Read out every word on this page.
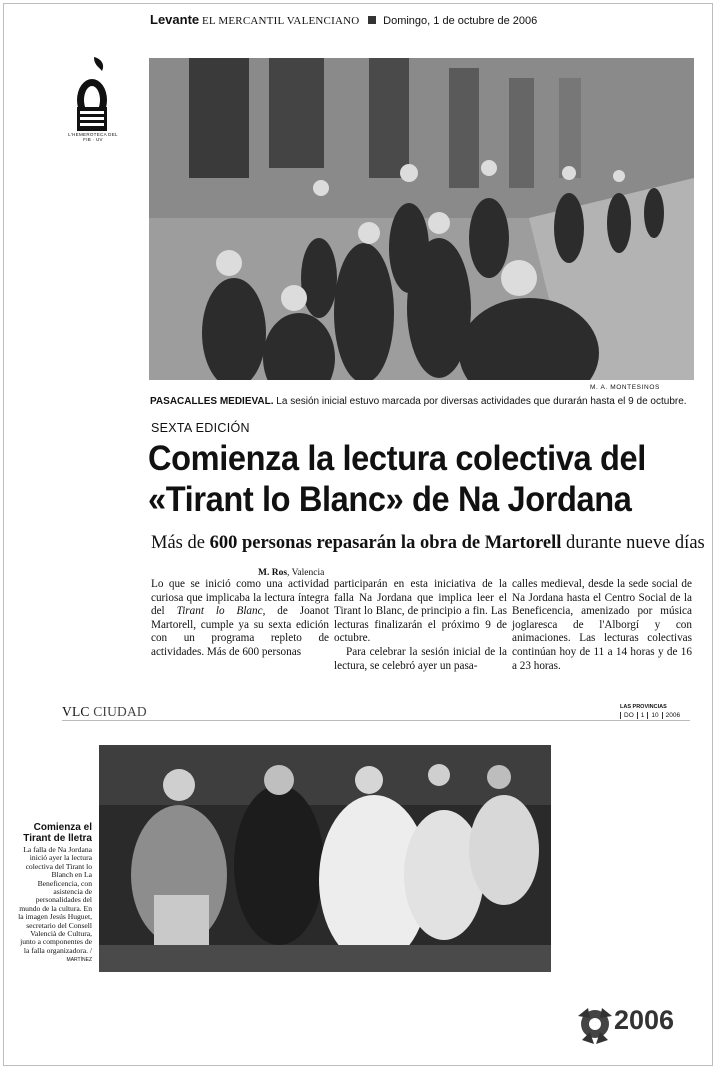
Levante EL MERCANTIL VALENCIANO Domingo, 1 de octubre de 2006
L'HEMEROTECA DEL FIB · UV
M. A. MONTESINOS
PASACALLES MEDIEVAL. La sesión inicial estuvo marcada por diversas actividades que durarán hasta el 9 de octubre.
SEXTA EDICIÓN
Comienza la lectura colectiva del
«Tirant lo Blanc» de Na Jordana
Más de 600 personas repasarán la obra de Martorell durante nueve días
M. Ros, Valencia

Lo que se inició como una actividad curiosa que implicaba la lectura íntegra del Tirant lo Blanc, de Joanot Martorell, cumple ya su sexta edición con un programa repleto de actividades. Más de 600 personas

participarán en esta iniciativa de la falla Na Jordana que implica leer el Tirant lo Blanc, de principio a fin. Las lecturas finalizarán el próximo 9 de octubre.

Para celebrar la sesión inicial de la lectura, se celebró ayer un pasa-

calles medieval, desde la sede social de Na Jordana hasta el Centro Social de la Beneficencia, amenizado por música joglaresca de l'Alborgí y con animaciones. Las lecturas colectivas continúan hoy de 11 a 14 horas y de 16 a 23 horas.

VLC CIUDAD	LAS PROVINCIAS
DO 1 10 2006
Comienza el Tirant de lletra
La falla de Na Jordana inició ayer la lectura colectiva del Tirant lo Blanch en La Beneficencia, con asistencia de personalidades del mundo de la cultura. En la imagen Jesús Huguet, secretario del Consell Valencià de Cultura, junto a componentes de la falla organizadora. / MARTÍNEZ
2006
